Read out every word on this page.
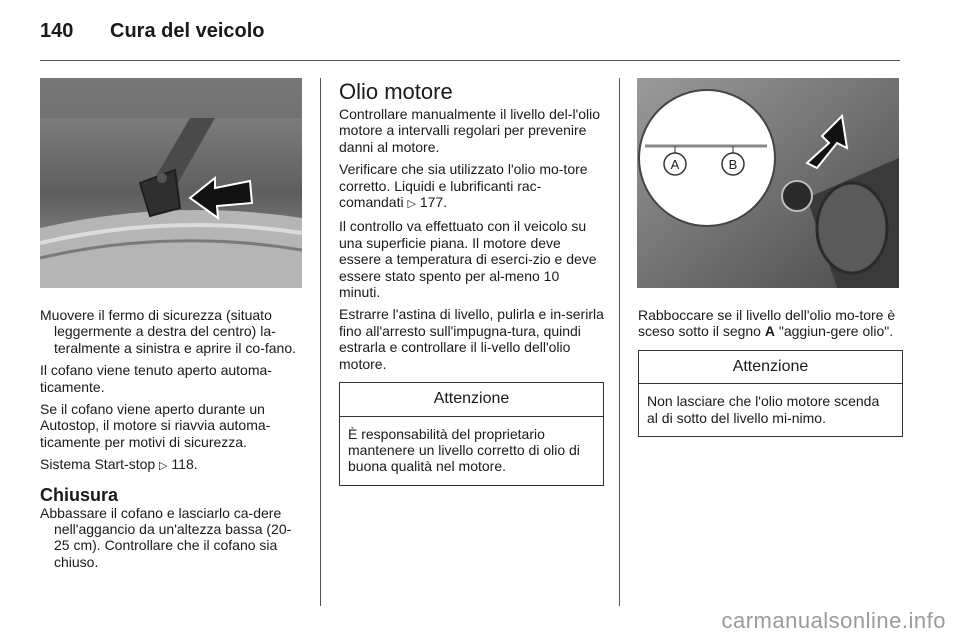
140 Cura del veicolo
A	B

Muovere il fermo di sicurezza (situato leggermente a destra del centro) la-teralmente a sinistra e aprire il co-fano.

Il cofano viene tenuto aperto automa-ticamente.

Se il cofano viene aperto durante un Autostop, il motore si riavvia automa-ticamente per motivi di sicurezza.

Sistema Start-stop ▷ 118.

Chiusura

Abbassare il cofano e lasciarlo ca-dere nell'aggancio da un'altezza bassa (20-25 cm). Controllare che il cofano sia chiuso.

Olio motore

Controllare manualmente il livello del-l'olio motore a intervalli regolari per prevenire danni al motore.

Verificare che sia utilizzato l'olio mo-tore corretto. Liquidi e lubrificanti rac-comandati ▷ 177.

Il controllo va effettuato con il veicolo su una superficie piana. Il motore deve essere a temperatura di eserci-zio e deve essere stato spento per al-meno 10 minuti.

Estrarre l'astina di livello, pulirla e in-serirla fino all'arresto sull'impugna-tura, quindi estrarla e controllare il li-vello dell'olio motore.

Attenzione
È responsabilità del proprietario mantenere un livello corretto di olio di buona qualità nel motore.

Rabboccare se il livello dell'olio mo-tore è sceso sotto il segno A "aggiun-gere olio".

Attenzione
Non lasciare che l'olio motore scenda al di sotto del livello mi-nimo.
carmanualsonline.info
